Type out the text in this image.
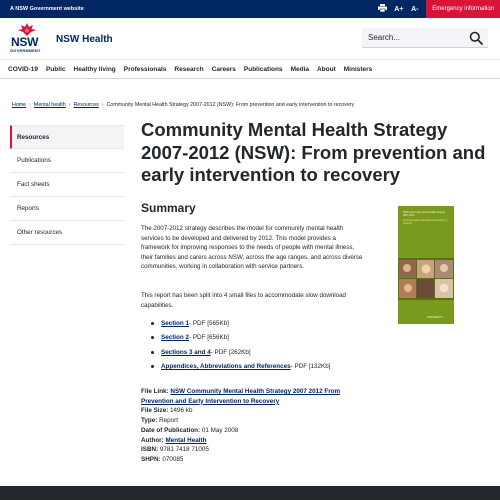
A NSW Government website	A+ A-	Emergency information
NSW
GOVERNMENT
NSW Health
Search...
COVID-19 Public Healthy living Professionals Research Careers Publications Media About Ministers
Home › Mental health › Resources › Community Mental Health Strategy 2007-2012 (NSW): From prevention and early intervention to recovery
Resources
Publications
Fact sheets
Reports
Other resources
Community Mental Health Strategy 2007-2012 (NSW): From prevention and early intervention to recovery
Summary

The 2007-2012 strategy describes the model for community mental health services to be developed and delivered by 2012. This model provides a framework for improving responses to the needs of people with mental illness, their families and carers across NSW, across the age ranges, and across diverse communities, working in collaboration with service partners.

This report has been split into 4 small files to accommodate slow download capabilities.

Section 1 - PDF [565Kb]
Section 2 - PDF [656Kb]
Sections 3 and 4 - PDF [262Kb]
Appendices, Abbreviations and References - PDF [132Kb]
NSW community mental health strategy 2007-2012
From prevention and early intervention to recovery
NSW HEALTH
File Link: NSW Community Mental Health Strategy 2007 2012 From Prevention and Early Intervention to Recovery
File Size: 1496 kb
Type: Report
Date of Publication: 01 May 2008
Author: Mental Health
ISBN: 9781 7418 71005
SHPN: 070085
